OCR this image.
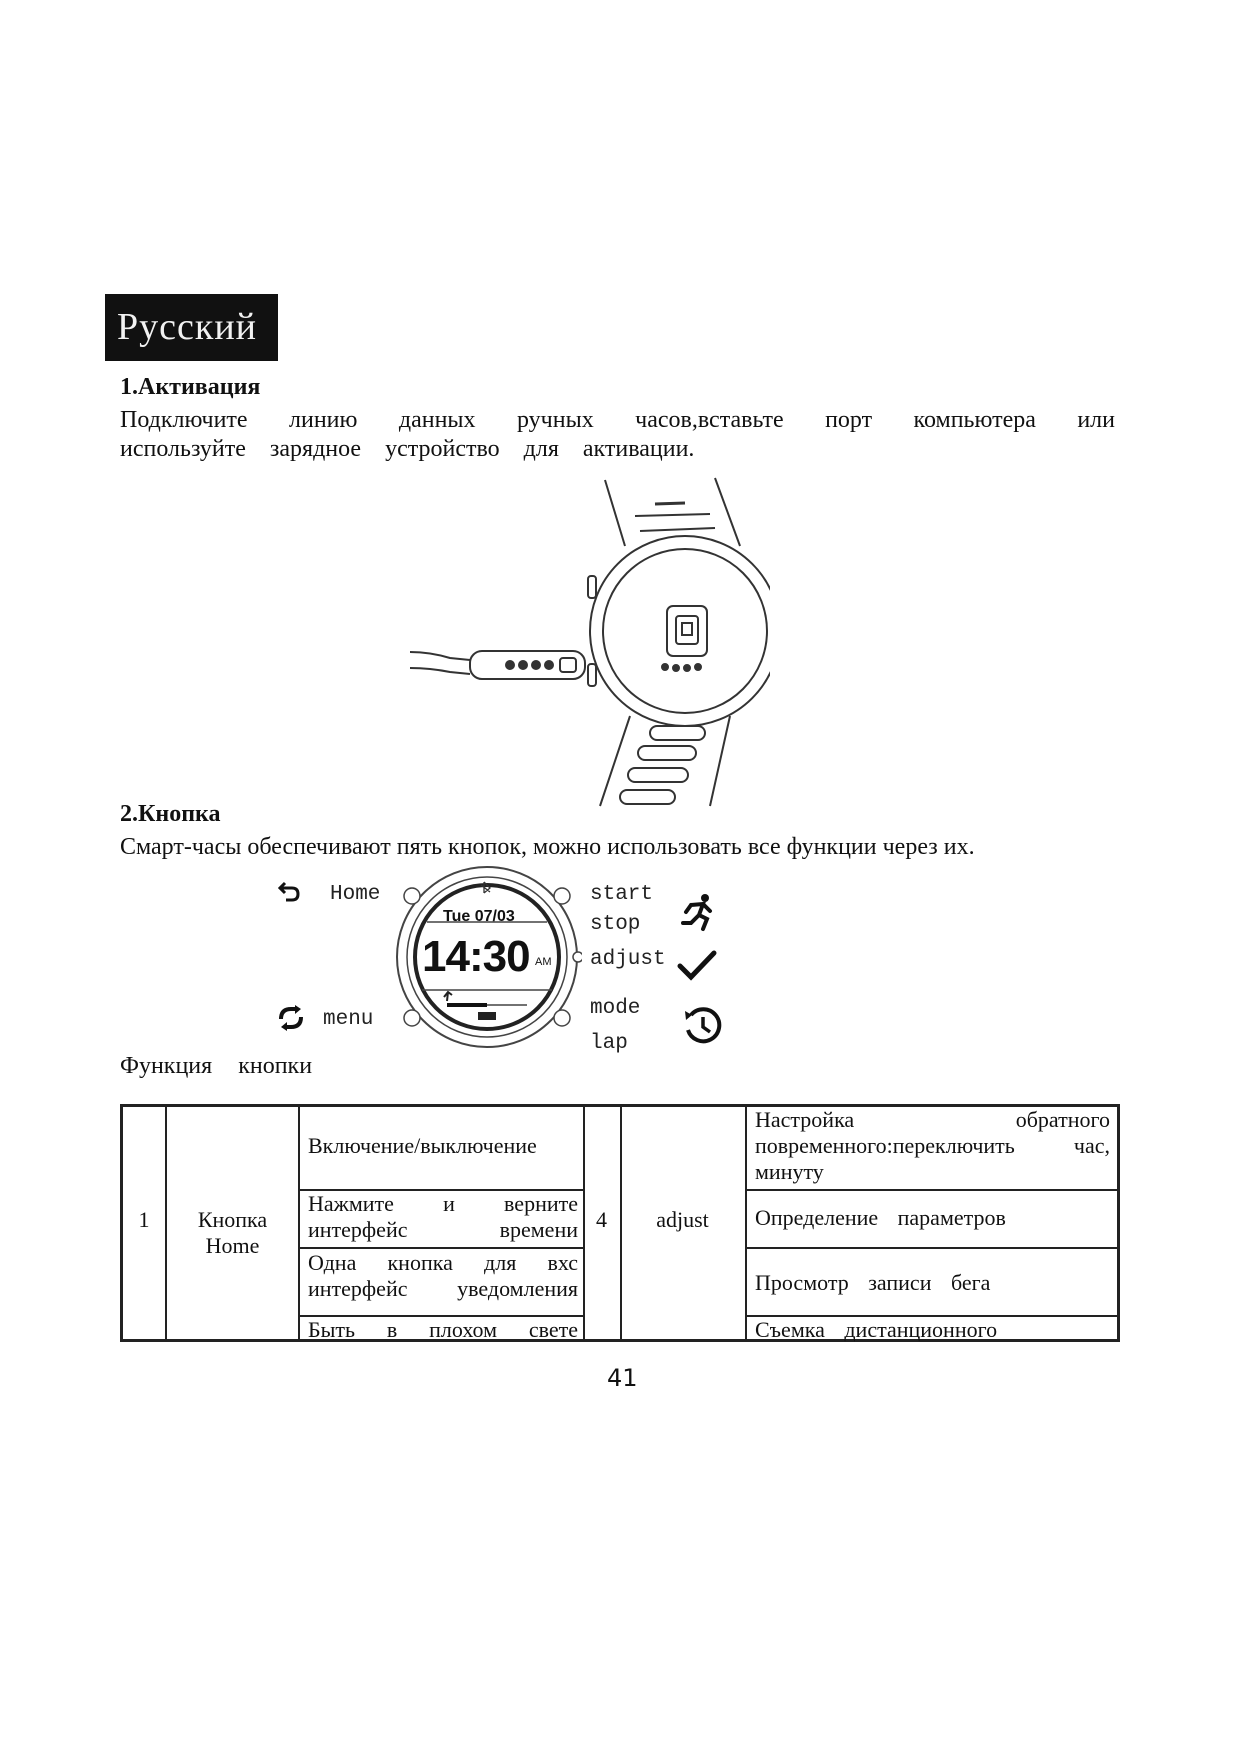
Русский
1.Активация
Подключите линию данных ручных часов,вставьте порт компьютера или
используйте зарядное устройство для активации.
2.Кнопка
Смарт-часы обеспечивают пять кнопок, можно использовать все функции через их.
Home
menu
Tue 07/03
14:30 AM
start
stop
adjust
mode
lap
Функция кнопки
1	Кнопка Home
Включение/выключение
Нажмите и верните интерфейс времени
Одна кнопка для вхс интерфейс уведомления
Быть в плохом свете
4	adjust
Настройка обратного повременного:переключить час, минуту
Определение параметров
Просмотр записи бега
Съемка дистанционного
41
